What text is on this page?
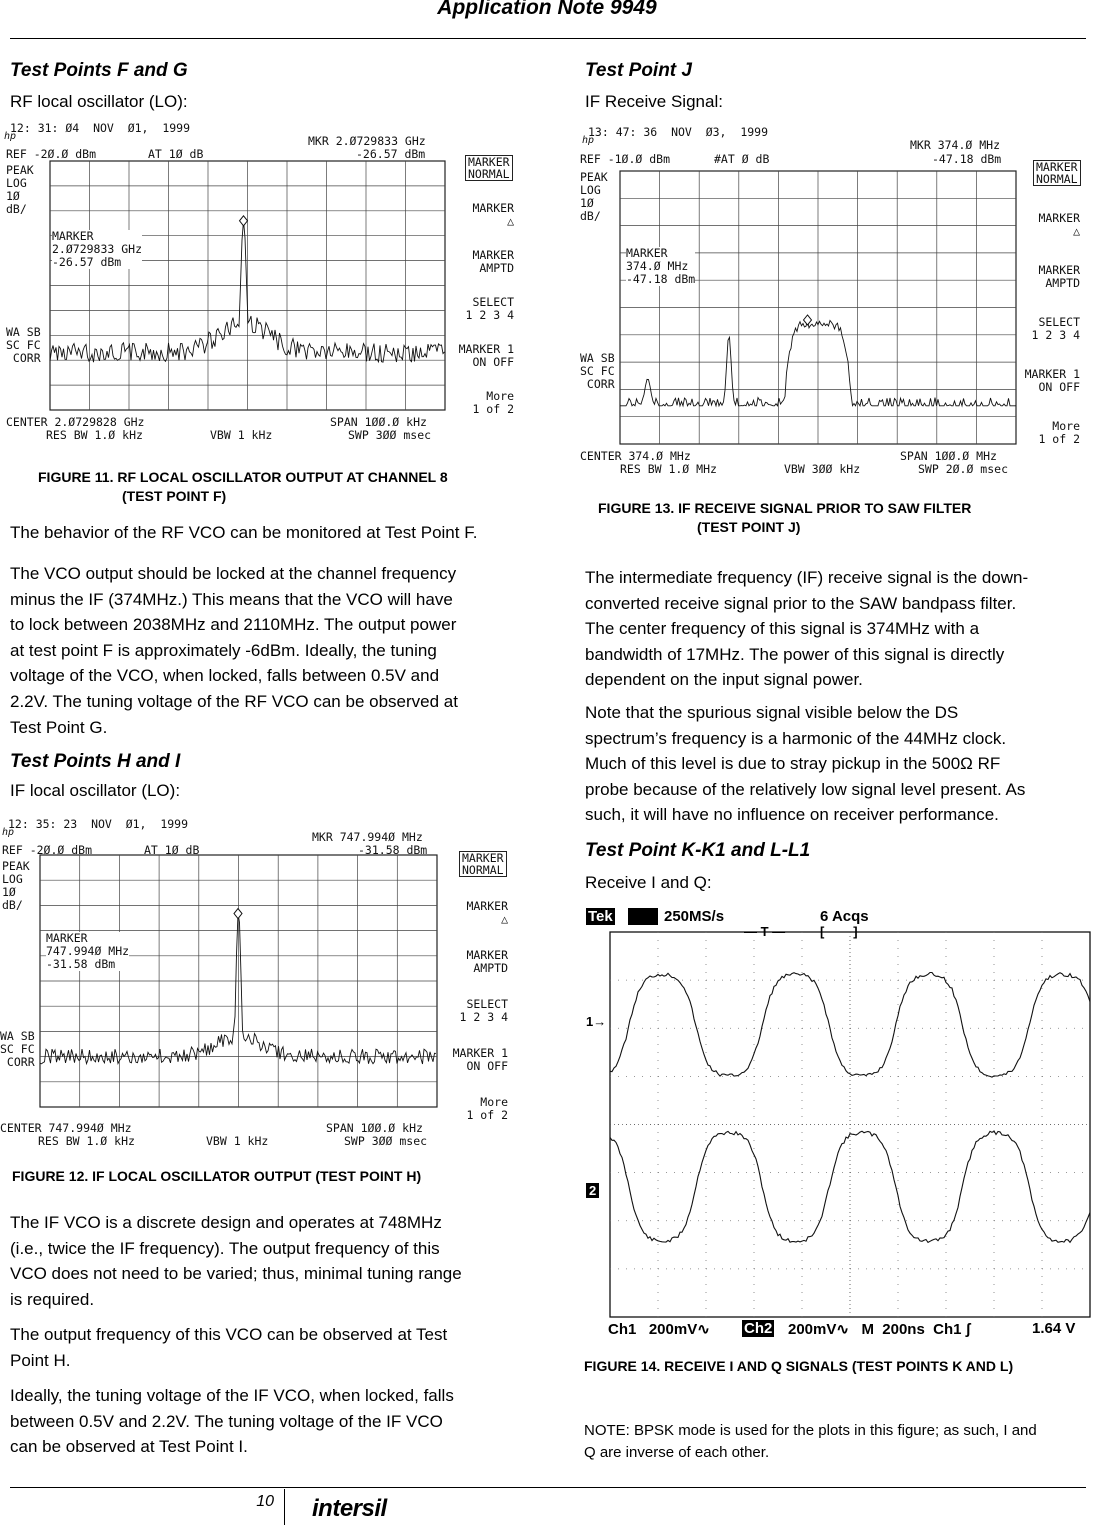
Application Note 9949
10 intersil
Test Points F and G

RF local oscillator (LO):

12: 31: Ø4  NOV  Ø1,  1999
hp	MKR 2.Ø729833 GHz
REF -2Ø.Ø dBm	AT 1Ø dB	-26.57 dBm
PEAK
LOG
1Ø
dB/
WA SB
SC FC
CORR
MARKER
2.Ø729833 GHz
-26.57 dBm
CENTER 2.Ø729828 GHz	SPAN 1ØØ.Ø kHz
RES BW 1.Ø kHz	VBW 1 kHz	SWP 3ØØ msec
MARKER
NORMAL
MARKER
△
MARKER
AMPTD
SELECT
1 2 3 4
MARKER 1
ON OFF
More
1 of 2

FIGURE 11. RF LOCAL OSCILLATOR OUTPUT AT CHANNEL 8

(TEST POINT F)

The behavior of the RF VCO can be monitored at Test Point F.

The VCO output should be locked at the channel frequency

minus the IF (374MHz.) This means that the VCO will have

to lock between 2038MHz and 2110MHz. The output power

at test point F is approximately -6dBm. Ideally, the tuning

voltage of the VCO, when locked, falls between 0.5V and

2.2V. The tuning voltage of the RF VCO can be observed at

Test Point G.

Test Points H and I

IF local oscillator (LO):

12: 35: 23  NOV  Ø1,  1999
hp	MKR 747.994Ø MHz
REF -2Ø.Ø dBm	AT 1Ø dB	-31.58 dBm
PEAK
LOG
1Ø
dB/
WA SB
SC FC
CORR
MARKER
747.994Ø MHz
-31.58 dBm
CENTER 747.994Ø MHz	SPAN 1ØØ.Ø kHz
RES BW 1.Ø kHz	VBW 1 kHz	SWP 3ØØ msec
MARKER
NORMAL
MARKER
△
MARKER
AMPTD
SELECT
1 2 3 4
MARKER 1
ON OFF
More
1 of 2

FIGURE 12. IF LOCAL OSCILLATOR OUTPUT (TEST POINT H)

The IF VCO is a discrete design and operates at 748MHz

(i.e., twice the IF frequency). The output frequency of this

VCO does not need to be varied; thus, minimal tuning range

is required.

The output frequency of this VCO can be observed at Test

Point H.

Ideally, the tuning voltage of the IF VCO, when locked, falls

between 0.5V and 2.2V. The tuning voltage of the IF VCO

can be observed at Test Point I.

Test Point J

IF Receive Signal:

13: 47: 36  NOV  Ø3,  1999
hp	MKR 374.Ø MHz
REF -1Ø.Ø dBm	#AT Ø dB	-47.18 dBm
PEAK
LOG
1Ø
dB/
WA SB
SC FC
CORR
MARKER
374.Ø MHz
-47.18 dBm
CENTER 374.Ø MHz	SPAN 1ØØ.Ø MHz
RES BW 1.Ø MHz	VBW 3ØØ kHz	SWP 2Ø.Ø msec
MARKER
NORMAL
MARKER
△
MARKER
AMPTD
SELECT
1 2 3 4
MARKER 1
ON OFF
More
1 of 2

FIGURE 13. IF RECEIVE SIGNAL PRIOR TO SAW FILTER

(TEST POINT J)

The intermediate frequency (IF) receive signal is the down-

converted receive signal prior to the SAW bandpass filter.

The center frequency of this signal is 374MHz with a

bandwidth of 17MHz. The power of this signal is directly

dependent on the input signal power.

Note that the spurious signal visible below the DS

spectrum’s frequency is a harmonic of the 44MHz clock.

Much of this level is due to stray pickup in the 500Ω RF

probe because of the relatively low signal level present. As

such, it will have no influence on receiver performance.

Test Point K-K1 and L-L1

Receive I and Q:

Tek .	250MS/s	6 Acqs
— T —	[        ]
1→
2
Ch1   200mV∿ Ch2 200mV∿   M  200ns  Ch1 ʃ	1.64 V

FIGURE 14. RECEIVE I AND Q SIGNALS (TEST POINTS K AND L)

NOTE: BPSK mode is used for the plots in this figure; as such, I and

Q are inverse of each other.
